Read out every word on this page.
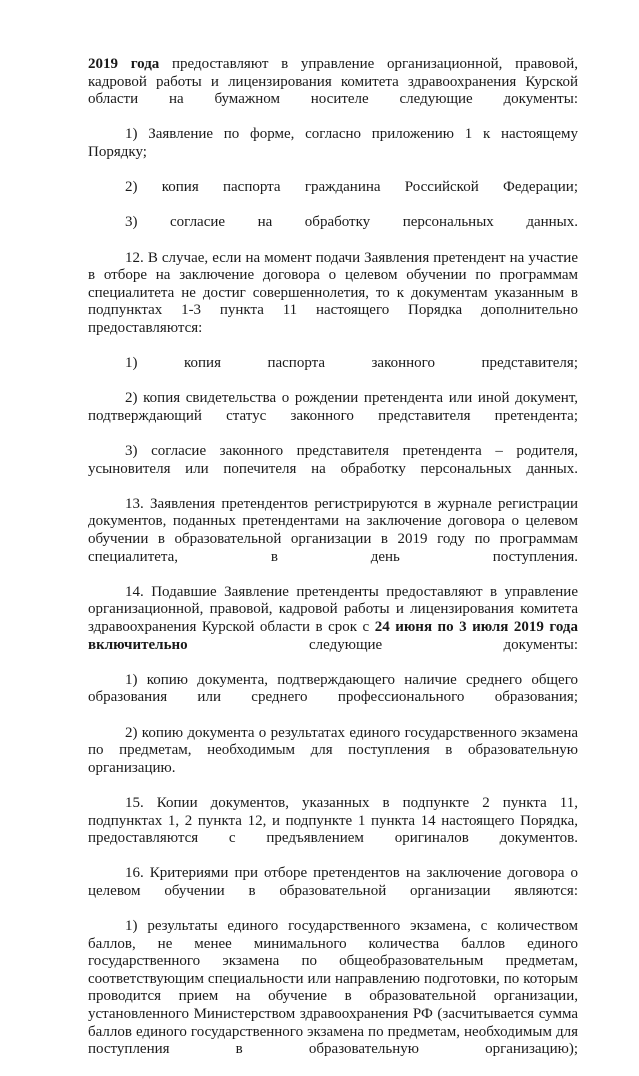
2019 года предоставляют в управление организационной, правовой, кадровой работы и лицензирования комитета здравоохранения Курской области на бумажном носителе следующие документы:

1) Заявление по форме, согласно приложению 1 к настоящему Порядку;

2) копия паспорта гражданина Российской Федерации;

3) согласие на обработку персональных данных.

12. В случае, если на момент подачи Заявления претендент на участие в отборе на заключение договора о целевом обучении по программам специалитета не достиг совершеннолетия, то к документам указанным в подпунктах 1-3 пункта 11 настоящего Порядка дополнительно предоставляются:

1) копия паспорта законного представителя;

2) копия свидетельства о рождении претендента или иной документ, подтверждающий статус законного представителя претендента;

3) согласие законного представителя претендента – родителя, усыновителя или попечителя на обработку персональных данных.

13. Заявления претендентов регистрируются в журнале регистрации документов, поданных претендентами на заключение договора о целевом обучении в образовательной организации в 2019 году по программам специалитета, в день поступления.

14. Подавшие Заявление претенденты предоставляют в управление организационной, правовой, кадровой работы и лицензирования комитета здравоохранения Курской области в срок с 24 июня по 3 июля 2019 года включительно следующие документы:

1) копию документа, подтверждающего наличие среднего общего образования или среднего профессионального образования;

2) копию документа о результатах единого государственного экзамена по предметам, необходимым для поступления в образовательную организацию.

15. Копии документов, указанных в подпункте 2 пункта 11, подпунктах 1, 2 пункта 12, и подпункте 1 пункта 14 настоящего Порядка, предоставляются с предъявлением оригиналов документов.

16. Критериями при отборе претендентов на заключение договора о целевом обучении в образовательной организации являются:

1) результаты единого государственного экзамена, с количеством баллов, не менее минимального количества баллов единого государственного экзамена по общеобразовательным предметам, соответствующим специальности или направлению подготовки, по которым проводится прием на обучение в образовательной организации, установленного Министерством здравоохранения РФ (засчитывается сумма баллов единого государственного экзамена по предметам, необходимым для поступления в образовательную организацию);
